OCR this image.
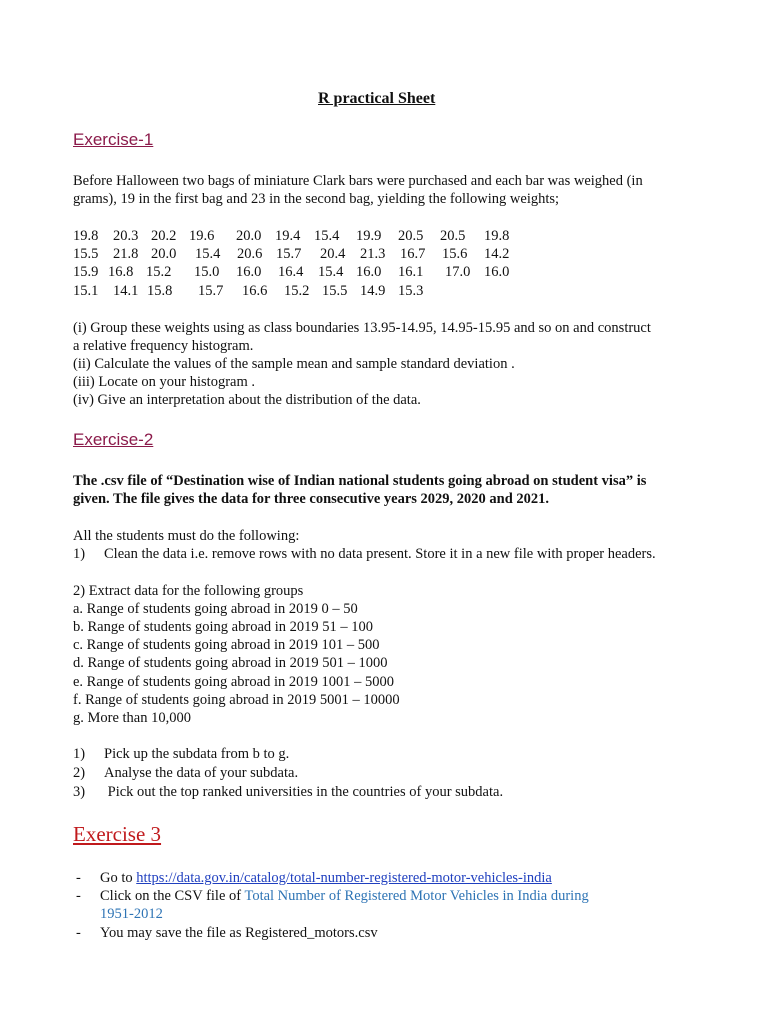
R practical Sheet
Exercise-1
Before Halloween two bags of miniature Clark bars were purchased and each bar was weighed (in
grams), 19 in the first bag and 23 in the second bag, yielding the following weights;
19.8 20.3 20.2 19.6 20.0 19.4 15.4 19.9 20.5 20.5 19.8
15.5 21.8 20.0 15.4 20.6 15.7 20.4 21.3 16.7 15.6 14.2
15.9 16.8 15.2 15.0 16.0 16.4 15.4 16.0 16.1 17.0 16.0
15.1 14.1 15.8 15.7 16.6 15.2 15.5 14.9 15.3
(i) Group these weights using as class boundaries 13.95-14.95, 14.95-15.95 and so on and construct
a relative frequency histogram.
(ii) Calculate the values of the sample mean and sample standard deviation .
(iii) Locate on your histogram .
(iv) Give an interpretation about the distribution of the data.
Exercise-2
The .csv file of “Destination wise of Indian national students going abroad on student visa” is
given. The file gives the data for three consecutive years 2029, 2020 and 2021.
All the students must do the following:
1) Clean the data i.e. remove rows with no data present. Store it in a new file with proper headers.
2) Extract data for the following groups
a. Range of students going abroad in 2019 0 – 50
b. Range of students going abroad in 2019 51 – 100
c. Range of students going abroad in 2019 101 – 500
d. Range of students going abroad in 2019 501 – 1000
e. Range of students going abroad in 2019 1001 – 5000
f. Range of students going abroad in 2019 5001 – 10000
g. More than 10,000
1) Pick up the subdata from b to g.
2) Analyse the data of your subdata.
3) Pick out the top ranked universities in the countries of your subdata.
Exercise 3
- Go to https://data.gov.in/catalog/total-number-registered-motor-vehicles-india
- Click on the CSV file of Total Number of Registered Motor Vehicles in India during
1951-2012
- You may save the file as Registered_motors.csv
